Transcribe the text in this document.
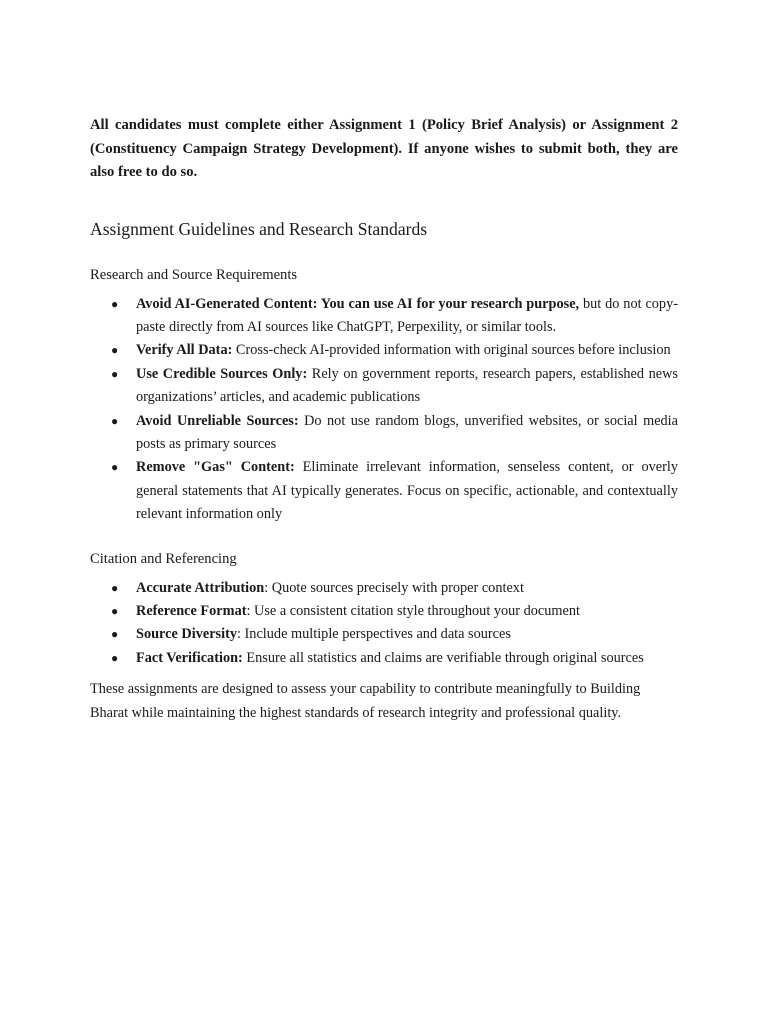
All candidates must complete either Assignment 1 (Policy Brief Analysis) or Assignment 2 (Constituency Campaign Strategy Development). If anyone wishes to submit both, they are also free to do so.

Assignment Guidelines and Research Standards
Research and Source Requirements
● Avoid AI-Generated Content: You can use AI for your research purpose, but do not copy-paste directly from AI sources like ChatGPT, Perpexility, or similar tools.
● Verify All Data: Cross-check AI-provided information with original sources before inclusion
● Use Credible Sources Only: Rely on government reports, research papers, established news organizations’ articles, and academic publications
● Avoid Unreliable Sources: Do not use random blogs, unverified websites, or social media posts as primary sources
● Remove "Gas" Content: Eliminate irrelevant information, senseless content, or overly general statements that AI typically generates. Focus on specific, actionable, and contextually relevant information only
Citation and Referencing
● Accurate Attribution: Quote sources precisely with proper context
● Reference Format: Use a consistent citation style throughout your document
● Source Diversity: Include multiple perspectives and data sources
● Fact Verification: Ensure all statistics and claims are verifiable through original sources

These assignments are designed to assess your capability to contribute meaningfully to Building Bharat while maintaining the highest standards of research integrity and professional quality.
